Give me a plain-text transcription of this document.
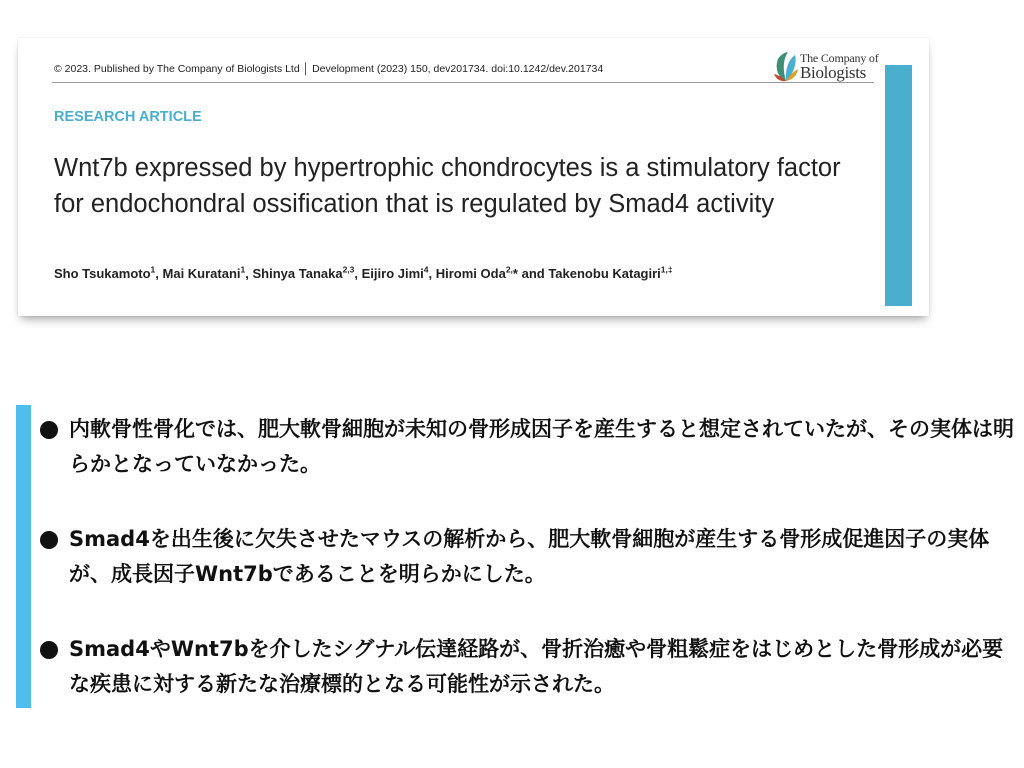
© 2023. Published by The Company of Biologists Ltd │ Development (2023) 150, dev201734. doi:10.1242/dev.201734
The Company of
Biologists
RESEARCH ARTICLE
Wnt7b expressed by hypertrophic chondrocytes is a stimulatory factor for endochondral ossification that is regulated by Smad4 activity
Sho Tsukamoto$^1$, Mai Kuratani$^1$, Shinya Tanaka$^{2,3}$, Eijiro Jimi$^4$, Hiromi Oda$^{2,}$* and Takenobu Katagiri$^{1,\ddagger}$
内軟骨性骨化では、肥大軟骨細胞が未知の骨形成因子を産生すると想定されていたが、その実体は明らかとなっていなかった。
Smad4を出生後に欠失させたマウスの解析から、肥大軟骨細胞が産生する骨形成促進因子の実体が、成長因子Wnt7bであることを明らかにした。
Smad4やWnt7bを介したシグナル伝達経路が、骨折治癒や骨粗鬆症をはじめとした骨形成が必要な疾患に対する新たな治療標的となる可能性が示された。
